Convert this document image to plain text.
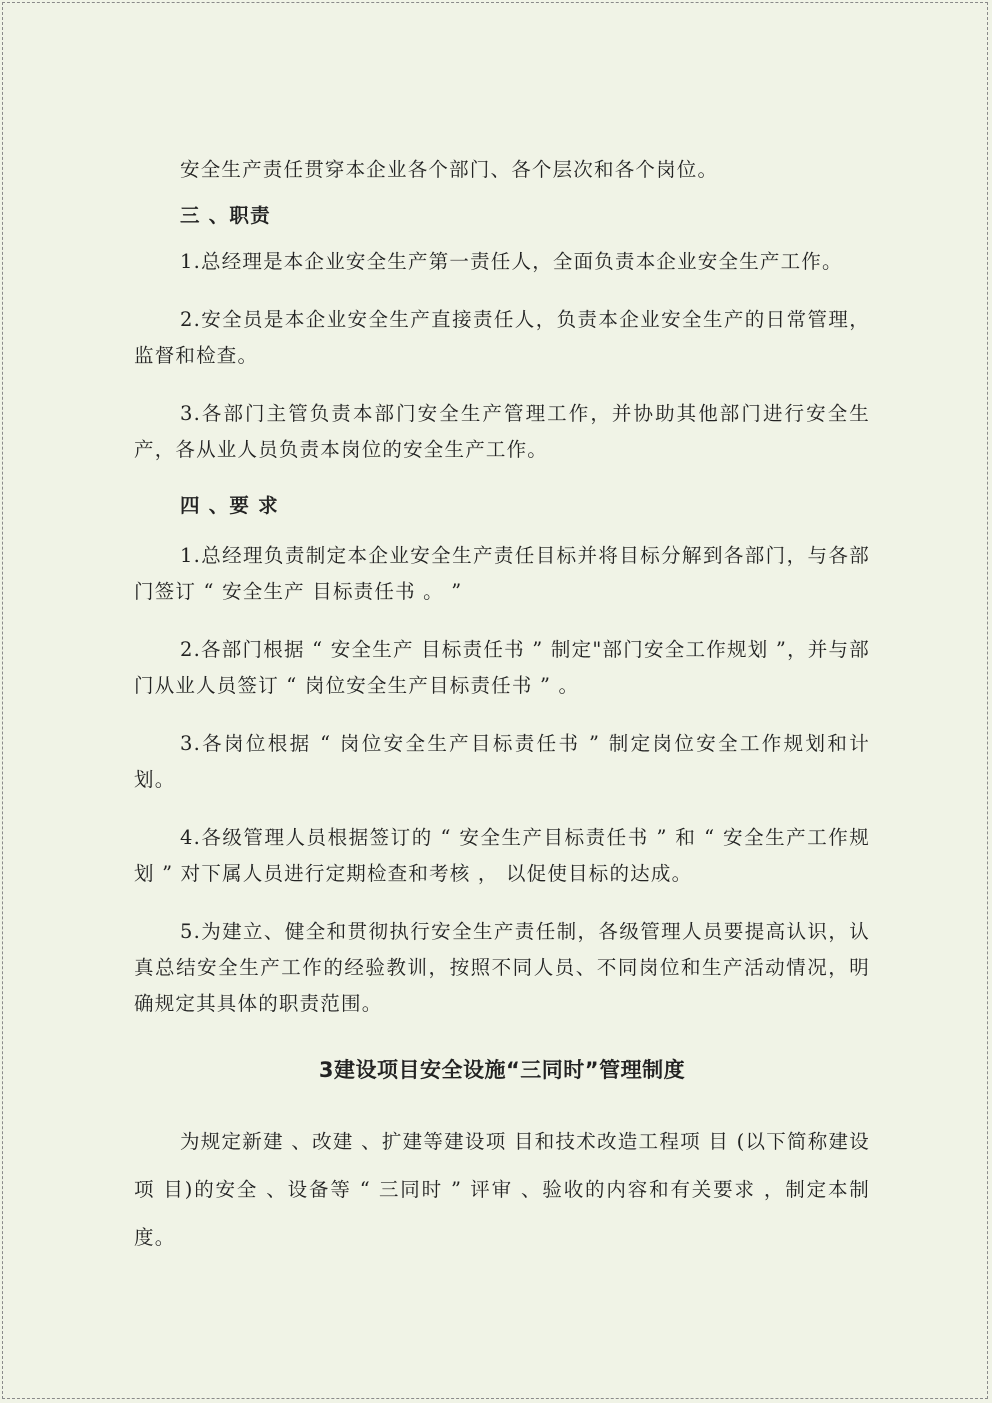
安全生产责任贯穿本企业各个部门、各个层次和各个岗位。

三 、职责

1.总经理是本企业安全生产第一责任人，全面负责本企业安全生产工作。

2.安全员是本企业安全生产直接责任人，负责本企业安全生产的日常管理，监督和检查。

3.各部门主管负责本部门安全生产管理工作，并协助其他部门进行安全生产，各从业人员负责本岗位的安全生产工作。

四 、要 求

1.总经理负责制定本企业安全生产责任目标并将目标分解到各部门，与各部门签订 “ 安全生产 目标责任书 。 ”

2.各部门根据 “ 安全生产 目标责任书 ” 制定"部门安全工作规划 ”，并与部门从业人员签订 “ 岗位安全生产目标责任书 ” 。

3.各岗位根据 “ 岗位安全生产目标责任书 ” 制定岗位安全工作规划和计划。

4.各级管理人员根据签订的 “ 安全生产目标责任书 ” 和 “ 安全生产工作规划 ” 对下属人员进行定期检查和考核 ， 以促使目标的达成。

5.为建立、健全和贯彻执行安全生产责任制，各级管理人员要提高认识，认真总结安全生产工作的经验教训，按照不同人员、不同岗位和生产活动情况，明确规定其具体的职责范围。

3建设项目安全设施“三同时”管理制度

为规定新建 、改建 、扩建等建设项 目和技术改造工程项 目 (以下简称建设项 目)的安全 、设备等 “ 三同时 ” 评审 、验收的内容和有关要求 ，制定本制度。
